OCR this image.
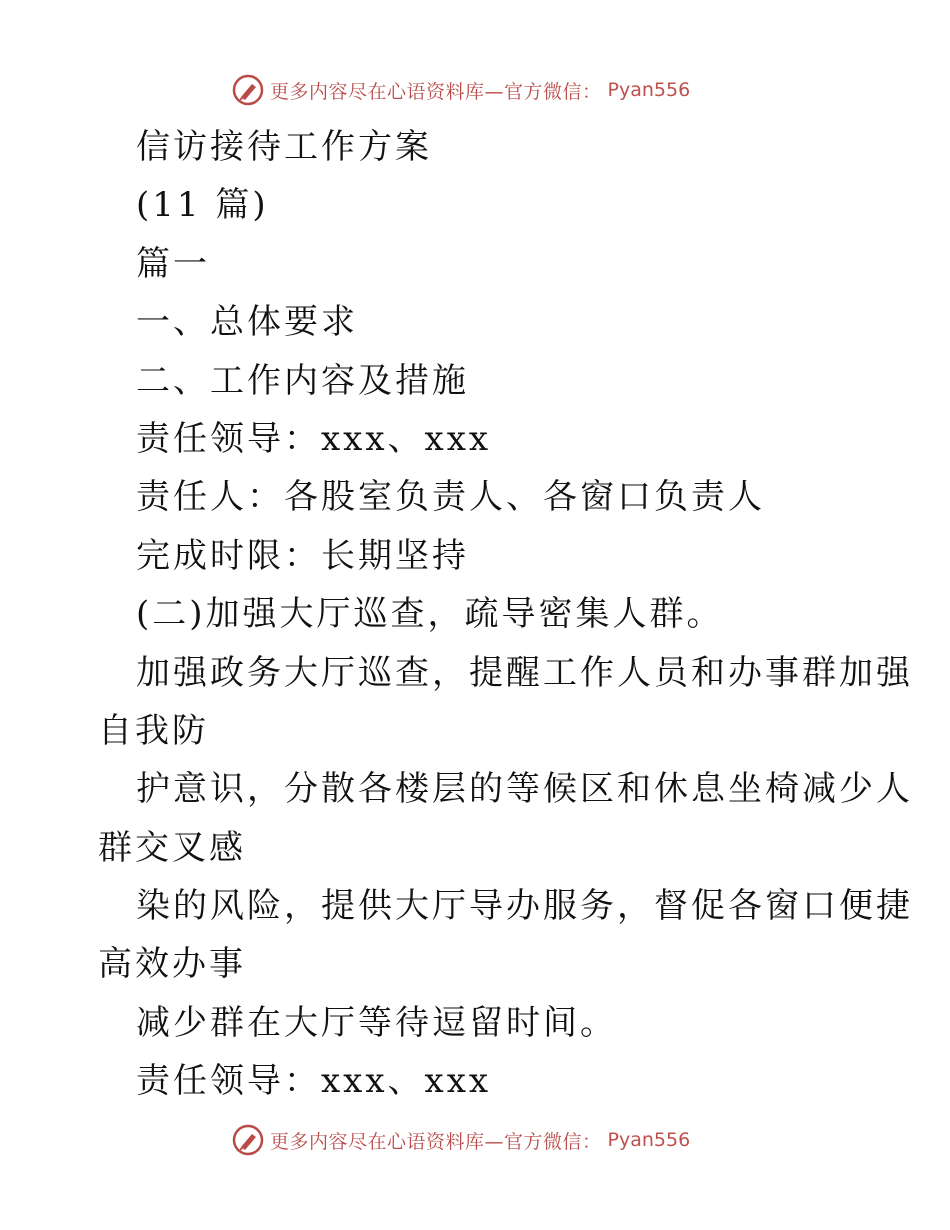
更多内容尽在心语资料库—官方微信： Pyan556
信访接待工作方案
(11 篇)
篇一
一、总体要求
二、工作内容及措施
责任领导：xxx、xxx
责任人：各股室负责人、各窗口负责人
完成时限：长期坚持
(二)加强大厅巡查，疏导密集人群。
加强政务大厅巡查，提醒工作人员和办事群加强
自我防
护意识，分散各楼层的等候区和休息坐椅减少人
群交叉感
染的风险，提供大厅导办服务，督促各窗口便捷
高效办事
减少群在大厅等待逗留时间。
责任领导：xxx、xxx
更多内容尽在心语资料库—官方微信： Pyan556
